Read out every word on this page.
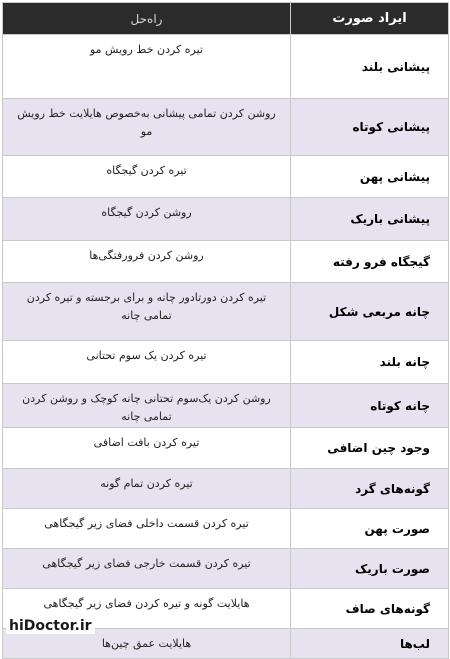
ایراد صورت	راه‌حل
پیشانی بلند	تیره کردن خط رویش مو
پیشانی کوتاه	روشن کردن تمامی پیشانی به‌خصوص هایلایت خط رویش مو
پیشانی پهن	تیره کردن گیجگاه
پیشانی باریک	روشن کردن گیجگاه
گیجگاه فرو رفته	روشن کردن فرورفتگی‌ها
چانه مربعی شکل	تیره کردن دورتادور چانه و برای برجسته و تیره کردن تمامی چانه
چانه بلند	تیره کردن یک سوم تحتانی
چانه کوتاه	روشن کردن یک‌سوم تحتانی چانه کوچک و روشن کردن تمامی چانه
وجود چین اضافی	تیره کردن بافت اضافی
گونه‌های گرد	تیره کردن تمام گونه
صورت پهن	تیره کردن قسمت داخلی فضای زیر گیجگاهی
صورت باریک	تیره کردن قسمت خارجی فضای زیر گیجگاهی
گونه‌های صاف	هایلایت گونه و تیره کردن فضای زیر گیجگاهی
لب‌ها	هایلایت عمق چین‌ها
hiDoctor.ir
